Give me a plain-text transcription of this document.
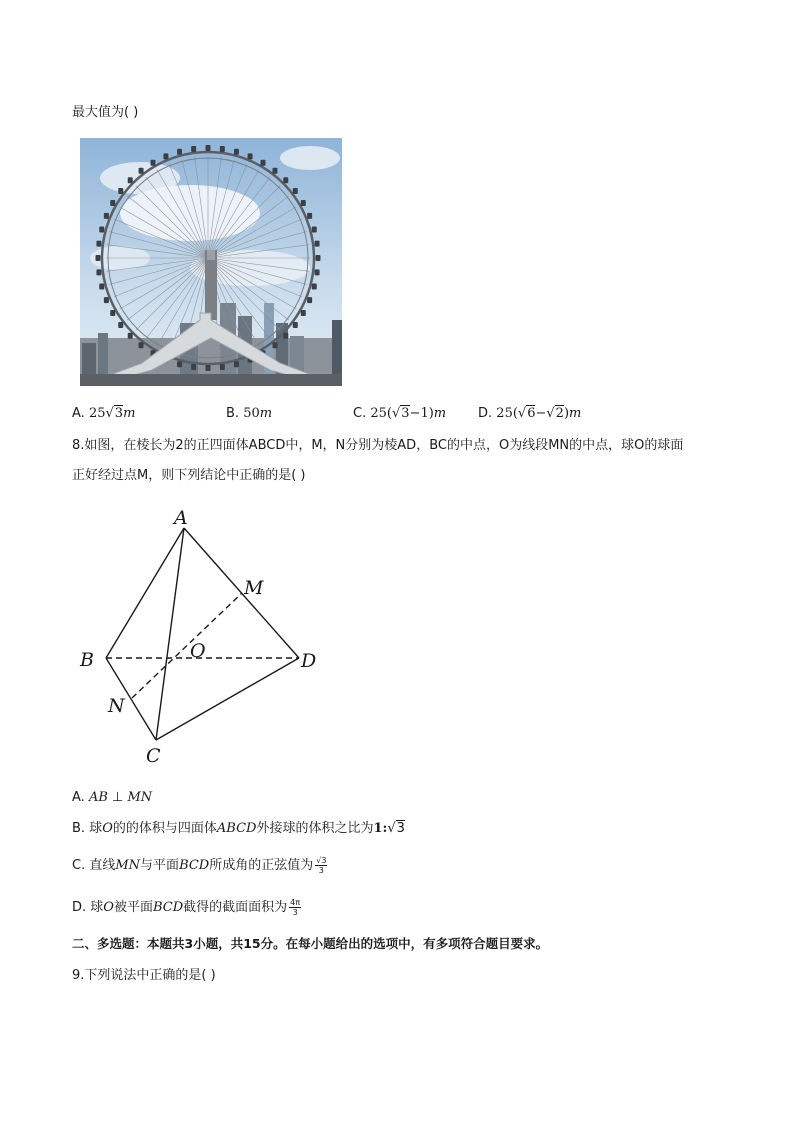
最大值为( )
A. 25√3m	B. 50m	C. 25(√3−1)m D. 25(√6−√2)m
8.如图，在棱长为2的正四面体ABCD中，M，N分别为棱AD，BC的中点，O为线段MN的中点，球O的球面
正好经过点M，则下列结论中正确的是( )
A
M
B	O	D
N
C
A. AB ⊥ MN
B. 球O的的体积与四面体ABCD外接球的体积之比为1:√3
C. 直线MN与平面BCD所成角的正弦值为 $\frac{√3}{3}$
D. 球O被平面BCD截得的截面面积为 $\frac{4\pi}{3}$
二、多选题：本题共3小题，共15分。在每小题给出的选项中，有多项符合题目要求。
9.下列说法中正确的是( )
